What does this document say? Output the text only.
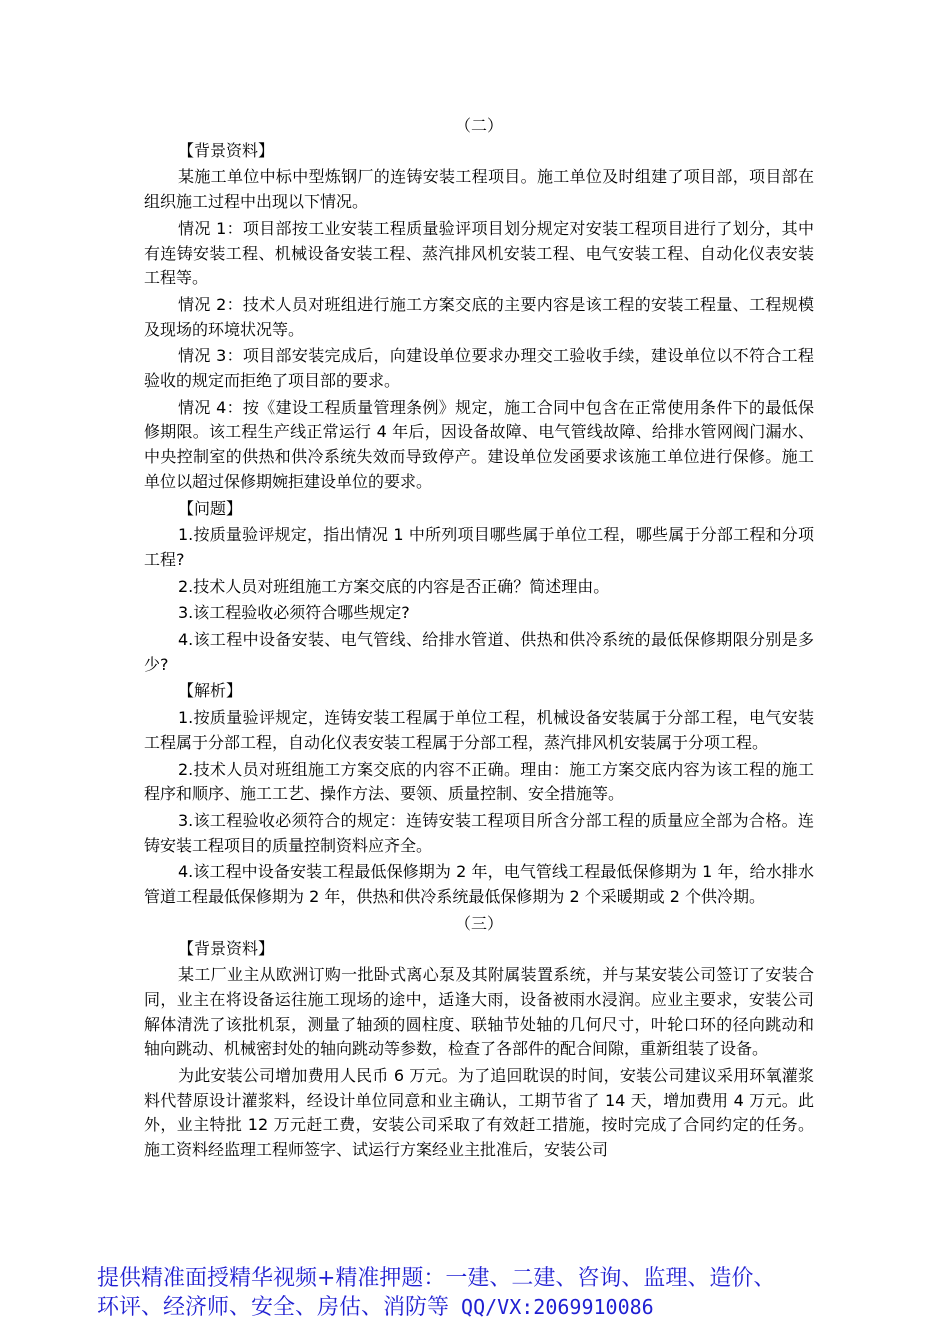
（二）

【背景资料】

某施工单位中标中型炼钢厂的连铸安装工程项目。施工单位及时组建了项目部，项目部在组织施工过程中出现以下情况。

情况 1：项目部按工业安装工程质量验评项目划分规定对安装工程项目进行了划分，其中有连铸安装工程、机械设备安装工程、蒸汽排风机安装工程、电气安装工程、自动化仪表安装工程等。

情况 2：技术人员对班组进行施工方案交底的主要内容是该工程的安装工程量、工程规模及现场的环境状况等。

情况 3：项目部安装完成后，向建设单位要求办理交工验收手续，建设单位以不符合工程验收的规定而拒绝了项目部的要求。

情况 4：按《建设工程质量管理条例》规定，施工合同中包含在正常使用条件下的最低保修期限。该工程生产线正常运行 4 年后，因设备故障、电气管线故障、给排水管网阀门漏水、中央控制室的供热和供冷系统失效而导致停产。建设单位发函要求该施工单位进行保修。施工单位以超过保修期婉拒建设单位的要求。

【问题】

1.按质量验评规定，指出情况 1 中所列项目哪些属于单位工程，哪些属于分部工程和分项工程?

2.技术人员对班组施工方案交底的内容是否正确？简述理由。

3.该工程验收必须符合哪些规定?

4.该工程中设备安装、电气管线、给排水管道、供热和供冷系统的最低保修期限分别是多少?

【解析】

1.按质量验评规定，连铸安装工程属于单位工程，机械设备安装属于分部工程，电气安装工程属于分部工程，自动化仪表安装工程属于分部工程，蒸汽排风机安装属于分项工程。

2.技术人员对班组施工方案交底的内容不正确。理由：施工方案交底内容为该工程的施工程序和顺序、施工工艺、操作方法、要领、质量控制、安全措施等。

3.该工程验收必须符合的规定：连铸安装工程项目所含分部工程的质量应全部为合格。连铸安装工程项目的质量控制资料应齐全。

4.该工程中设备安装工程最低保修期为 2 年，电气管线工程最低保修期为 1 年，给水排水管道工程最低保修期为 2 年，供热和供冷系统最低保修期为 2 个采暖期或 2 个供冷期。

（三）

【背景资料】

某工厂业主从欧洲订购一批卧式离心泵及其附属装置系统，并与某安装公司签订了安装合同，业主在将设备运往施工现场的途中，适逢大雨，设备被雨水浸润。应业主要求，安装公司解体清洗了该批机泵，测量了轴颈的圆柱度、联轴节处轴的几何尺寸，叶轮口环的径向跳动和轴向跳动、机械密封处的轴向跳动等参数，检查了各部件的配合间隙，重新组装了设备。

为此安装公司增加费用人民币 6 万元。为了追回耽误的时间，安装公司建议采用环氧灌浆料代替原设计灌浆料，经设计单位同意和业主确认，工期节省了 14 天，增加费用 4 万元。此外，业主特批 12 万元赶工费，安装公司采取了有效赶工措施，按时完成了合同约定的任务。施工资料经监理工程师签字、试运行方案经业主批准后，安装公司

提供精准面授精华视频+精准押题：一建、二建、咨询、监理、造价、
环评、经济师、安全、房估、消防等 QQ/VX:2069910086
